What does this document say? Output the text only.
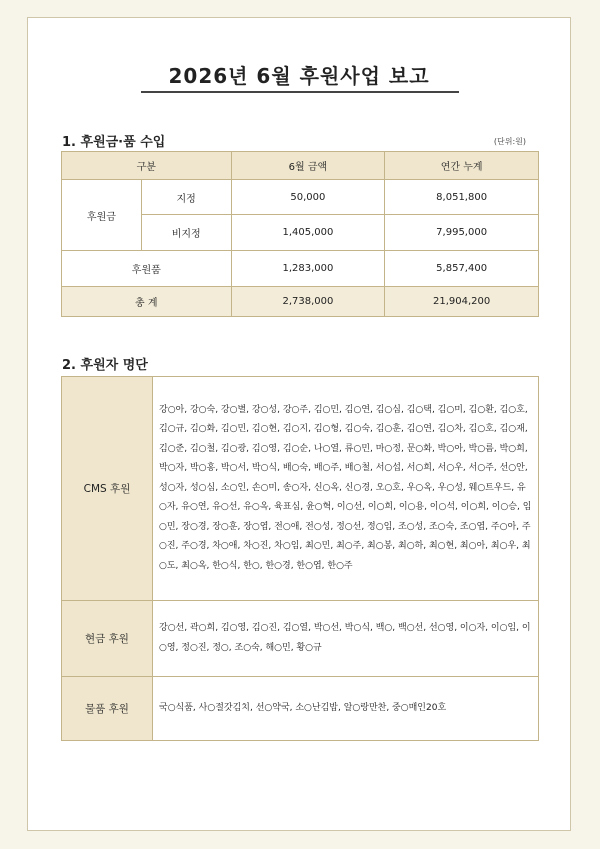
2026년 6월 후원사업 보고
1. 후원금·품 수입	(단위:원)
구분		6월 금액	연간 누계
후원금	지정	50,000	8,051,800
	비지정	1,405,000	7,995,000
후원품		1,283,000	5,857,400
총 계		2,738,000	21,904,200
2. 후원자 명단
CMS 후원	강○아, 강○숙, 강○별, 강○성, 강○주, 김○민, 김○연, 김○심, 김○택, 김○미, 김○환, 김○호, 김○규, 김○화, 김○민, 김○현, 김○지, 김○형, 김○숙, 김○훈, 김○연, 김○차, 김○호, 김○재, 김○준, 김○철, 김○광, 김○영, 김○순, 나○열, 류○민, 마○정, 문○화, 박○아, 박○름, 박○희, 박○자, 박○홍, 박○서, 박○식, 배○숙, 배○주, 배○철, 서○섭, 서○희, 서○우, 서○주, 선○안, 성○자, 성○심, 소○인, 손○미, 송○자, 신○옥, 신○경, 오○호, 우○옥, 우○성, 웨○트우드, 유○자, 유○연, 유○선, 유○옥, 육표심, 윤○혁, 이○선, 이○희, 이○용, 이○석, 이○희, 이○승, 임○민, 장○경, 장○훈, 장○엽, 전○애, 전○성, 정○선, 정○임, 조○성, 조○숙, 조○엽, 주○아, 주○진, 주○경, 차○애, 차○진, 차○임, 최○민, 최○주, 최○봉, 최○하, 최○현, 최○아, 최○우, 최○도, 최○옥, 한○식, 한○, 한○경, 한○엽, 한○주
현금 후원	강○선, 곽○희, 김○영, 김○진, 김○열, 박○선, 박○식, 백○, 백○선, 선○영, 이○자, 이○임, 이○영, 정○진, 정○, 조○숙, 해○민, 황○규
물품 후원	국○식품, 사○절갓김치, 선○약국, 소○난김밥, 알○랑만찬, 중○매인20호
